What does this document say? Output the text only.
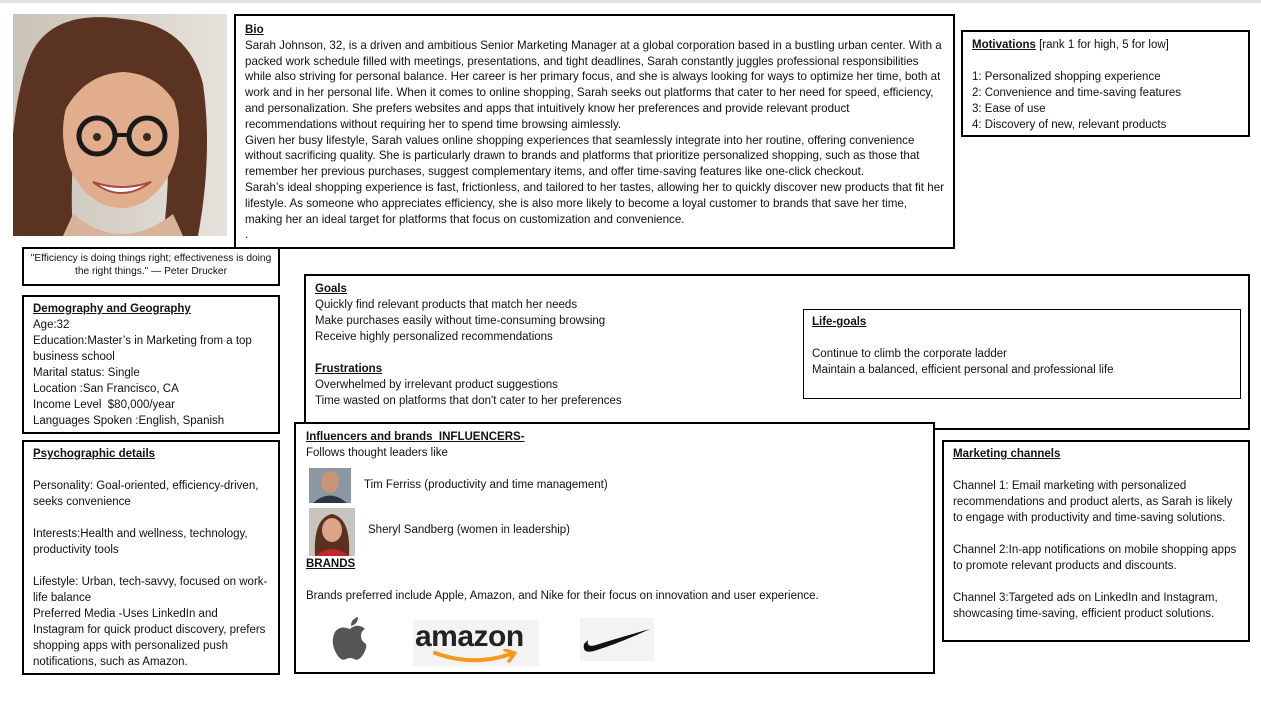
Bio

Sarah Johnson, 32, is a driven and ambitious Senior Marketing Manager at a global corporation based in a bustling urban center. With a packed work schedule filled with meetings, presentations, and tight deadlines, Sarah constantly juggles professional responsibilities while also striving for personal balance. Her career is her primary focus, and she is always looking for ways to optimize her time, both at work and in her personal life. When it comes to online shopping, Sarah seeks out platforms that cater to her need for speed, efficiency, and personalization. She prefers websites and apps that intuitively know her preferences and provide relevant product recommendations without requiring her to spend time browsing aimlessly.

Given her busy lifestyle, Sarah values online shopping experiences that seamlessly integrate into her routine, offering convenience without sacrificing quality. She is particularly drawn to brands and platforms that prioritize personalized shopping, such as those that remember her previous purchases, suggest complementary items, and offer time-saving features like one-click checkout.

Sarah’s ideal shopping experience is fast, frictionless, and tailored to her tastes, allowing her to quickly discover new products that fit her lifestyle. As someone who appreciates efficiency, she is also more likely to become a loyal customer to brands that save her time, making her an ideal target for platforms that focus on customization and convenience.

.

"Efficiency is doing things right; effectiveness is doing the right things." — Peter Drucker
Motivations [rank 1 for high, 5 for low]
1: Personalized shopping experience
2: Convenience and time-saving features
3: Ease of use
4: Discovery of new, relevant products
Demography and Geography
Age:32
Education:Master’s in Marketing from a top business school
Marital status: Single
Location :San Francisco, CA
Income Level  $80,000/year
Languages Spoken :English, Spanish
Goals
Quickly find relevant products that match her needs
Make purchases easily without time-consuming browsing
Receive highly personalized recommendations
Frustrations
Overwhelmed by irrelevant product suggestions
Time wasted on platforms that don't cater to her preferences
Life-goals
Continue to climb the corporate ladder
Maintain a balanced, efficient personal and professional life
Psychographic details
Personality: Goal-oriented, efficiency-driven, seeks convenience
Interests:Health and wellness, technology, productivity tools
Lifestyle: Urban, tech-savvy, focused on work-life balance
Preferred Media -Uses LinkedIn and Instagram for quick product discovery, prefers shopping apps with personalized push notifications, such as Amazon.
Influencers and brands  INFLUENCERS-
Follows thought leaders like
Tim Ferriss (productivity and time management)
Sheryl Sandberg (women in leadership)
BRANDS
Brands preferred include Apple, Amazon, and Nike for their focus on innovation and user experience.
amazon
Marketing channels
Channel 1: Email marketing with personalized recommendations and product alerts, as Sarah is likely to engage with productivity and time-saving solutions.
Channel 2:In-app notifications on mobile shopping apps to promote relevant products and discounts.
Channel 3:Targeted ads on LinkedIn and Instagram, showcasing time-saving, efficient product solutions.
